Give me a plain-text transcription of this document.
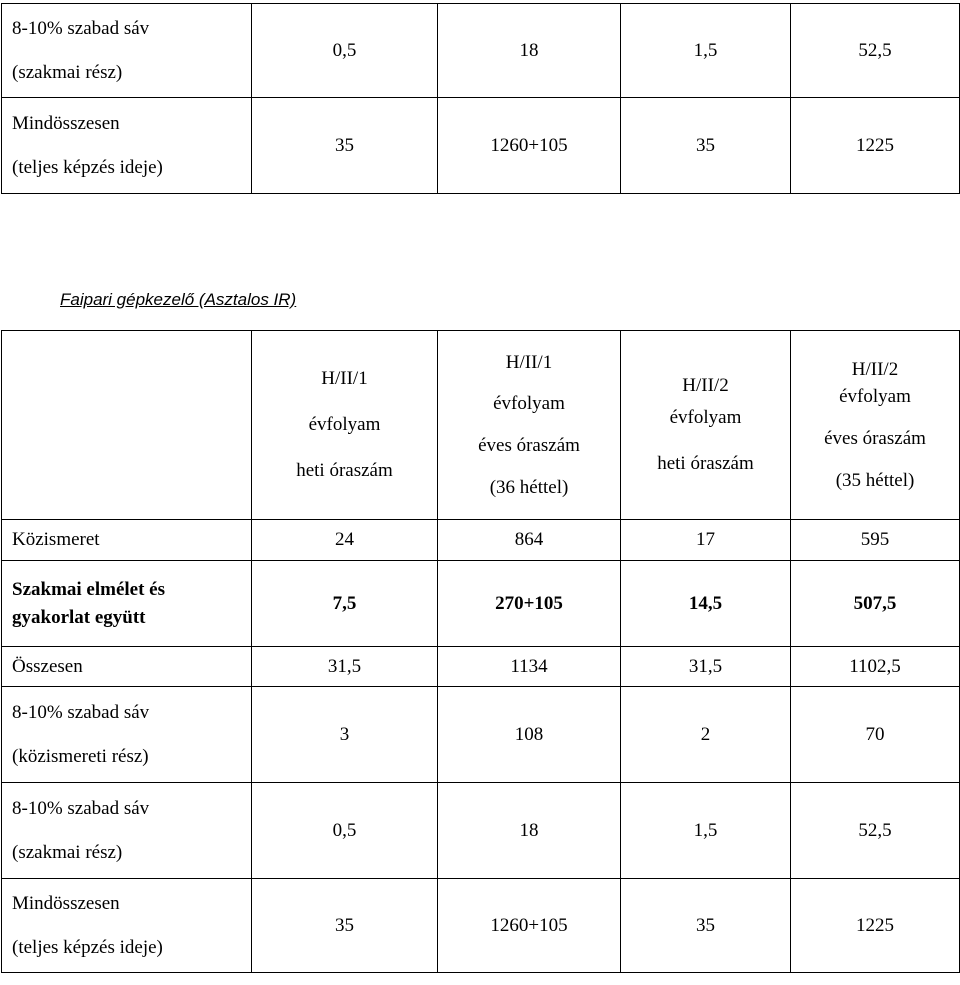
8-10% szabad sáv
(szakmai rész)	0,5	18	1,5	52,5

Mindösszesen
(teljes képzés ideje)	35	1260+105	35	1225
Faipari gépkezelő (Asztalos IR)

	H/II/1
évfolyam
heti óraszám	H/II/1
évfolyam
éves óraszám
(36 héttel)	H/II/2
évfolyam
heti óraszám	H/II/2
évfolyam
éves óraszám
(35 héttel)

Közismeret	24	864	17	595

Szakmai elmélet és
gyakorlat együtt	7,5	270+105	14,5	507,5
Összesen	31,5	1134	31,5	1102,5

8-10% szabad sáv
(közismereti rész)	3	108	2	70

8-10% szabad sáv
(szakmai rész)	0,5	18	1,5	52,5

Mindösszesen
(teljes képzés ideje)	35	1260+105	35	1225
